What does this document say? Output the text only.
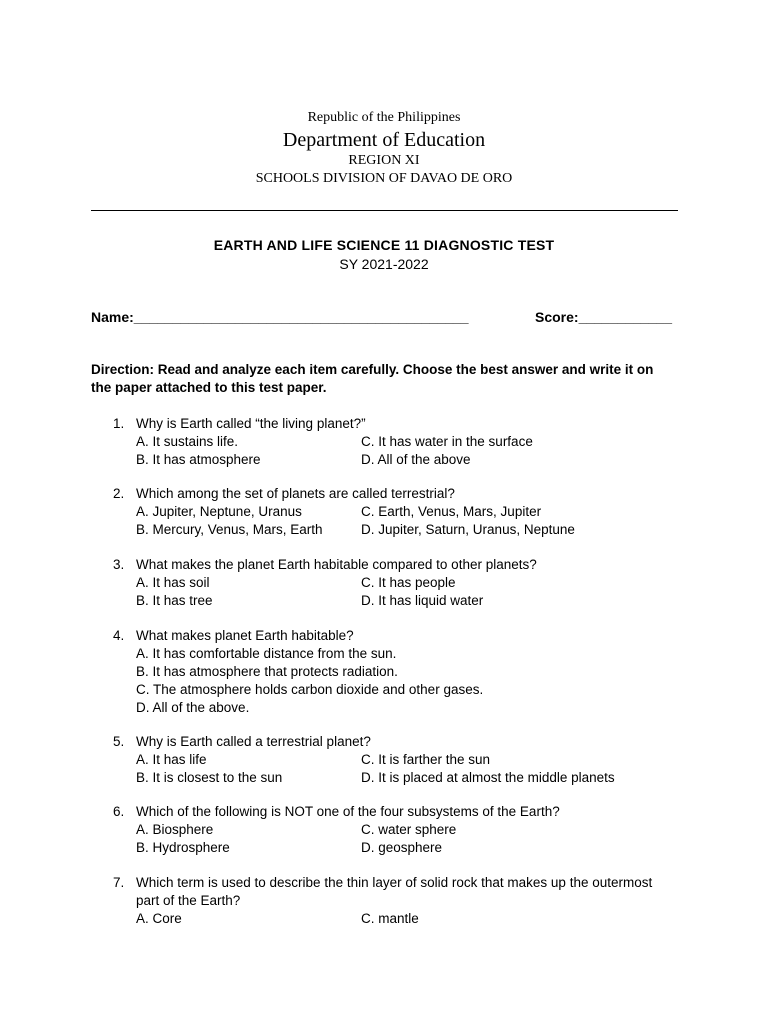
Republic of the Philippines
Department of Education
REGION XI
SCHOOLS DIVISION OF DAVAO DE ORO
EARTH AND LIFE SCIENCE 11 DIAGNOSTIC TEST
SY 2021-2022
Name:___________________________________________	Score:____________
Direction: Read and analyze each item carefully. Choose the best answer and write it on
the paper attached to this test paper.
1. Why is Earth called “the living planet?”
A. It sustains life.	C. It has water in the surface
B. It has atmosphere	D. All of the above
2. Which among the set of planets are called terrestrial?
A. Jupiter, Neptune, Uranus	C. Earth, Venus, Mars, Jupiter
B. Mercury, Venus, Mars, Earth	D. Jupiter, Saturn, Uranus, Neptune
3. What makes the planet Earth habitable compared to other planets?
A. It has soil	C. It has people
B. It has tree	D. It has liquid water
4. What makes planet Earth habitable?
A. It has comfortable distance from the sun.
B. It has atmosphere that protects radiation.
C. The atmosphere holds carbon dioxide and other gases.
D. All of the above.
5. Why is Earth called a terrestrial planet?
A. It has life	C. It is farther the sun
B. It is closest to the sun	D. It is placed at almost the middle planets
6. Which of the following is NOT one of the four subsystems of the Earth?
A. Biosphere	C. water sphere
B. Hydrosphere	D. geosphere
7. Which term is used to describe the thin layer of solid rock that makes up the outermost part of the Earth?
A. Core	C. mantle
